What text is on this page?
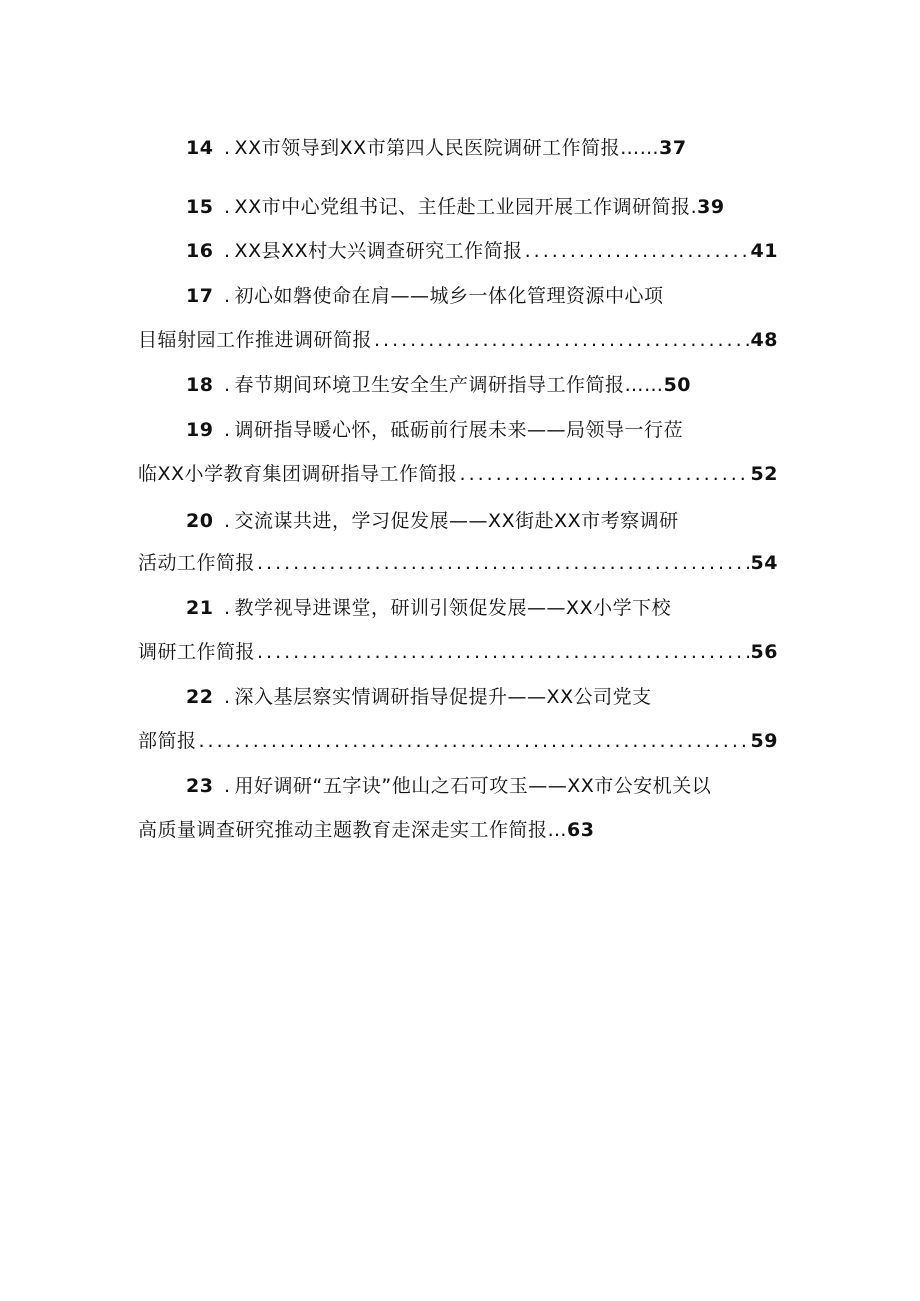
14 . XX市领导到XX市第四人民医院调研工作简报……37
15 . XX市中心党组书记、主任赴工业园开展工作调研简报.39
16 . XX县XX村大兴调查研究工作简报 .....	41
17 . 初心如磐使命在肩——城乡一体化管理资源中心项
目辐射园工作推进调研简报 .....	48
18 . 春节期间环境卫生安全生产调研指导工作简报……50
19 . 调研指导暖心怀，砥砺前行展未来——局领导一行莅
临XX小学教育集团调研指导工作简报 .....	52
20 . 交流谋共进，学习促发展——XX街赴XX市考察调研
活动工作简报 .....	54
21 . 教学视导进课堂，研训引领促发展——XX小学下校
调研工作简报 .....	56
22 . 深入基层察实情调研指导促提升——XX公司党支
部简报 .....	59
23 . 用好调研“五字诀”他山之石可攻玉——XX市公安机关以
高质量调查研究推动主题教育走深走实工作简报…63
